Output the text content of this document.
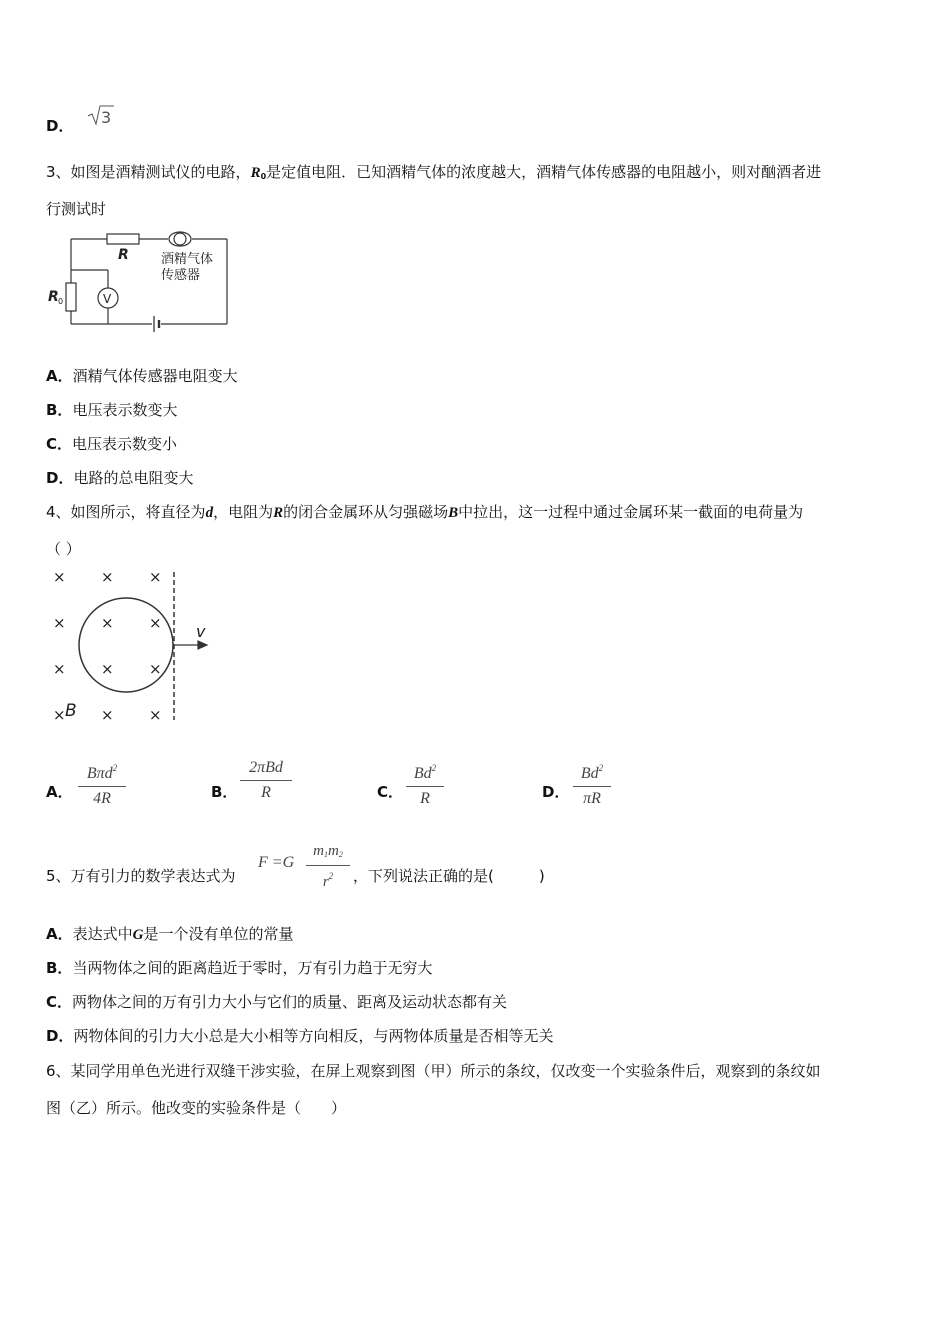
D． 3
3、如图是酒精测试仪的电路，$R_0$是定值电阻．已知酒精气体的浓度越大，酒精气体传感器的电阻越小，则对酗酒者进
行测试时
V
R
R 0
酒精气体
传感器
A．酒精气体传感器电阻变大
B．电压表示数变大
C．电压表示数变小
D．电路的总电阻变大
4、如图所示，将直径为d，电阻为R的闭合金属环从匀强磁场B中拉出，这一过程中通过金属环某一截面的电荷量为
（ ）
× × ×
× × ×
× × ×
× × ×
v
B
A．
Bπd$^2$
4R	B．
2πBd
R	C．
Bd$^2$
R	D．
Bd$^2$
πR
5、万有引力的数学表达式为
F =G
$m_1m_2$
$r^2$	，下列说法正确的是(　　　)
A．表达式中G是一个没有单位的常量
B．当两物体之间的距离趋近于零时，万有引力趋于无穷大
C．两物体之间的万有引力大小与它们的质量、距离及运动状态都有关
D．两物体间的引力大小总是大小相等方向相反，与两物体质量是否相等无关
6、某同学用单色光进行双缝干涉实验，在屏上观察到图（甲）所示的条纹，仅改变一个实验条件后，观察到的条纹如
图（乙）所示。他改变的实验条件是（　　）
